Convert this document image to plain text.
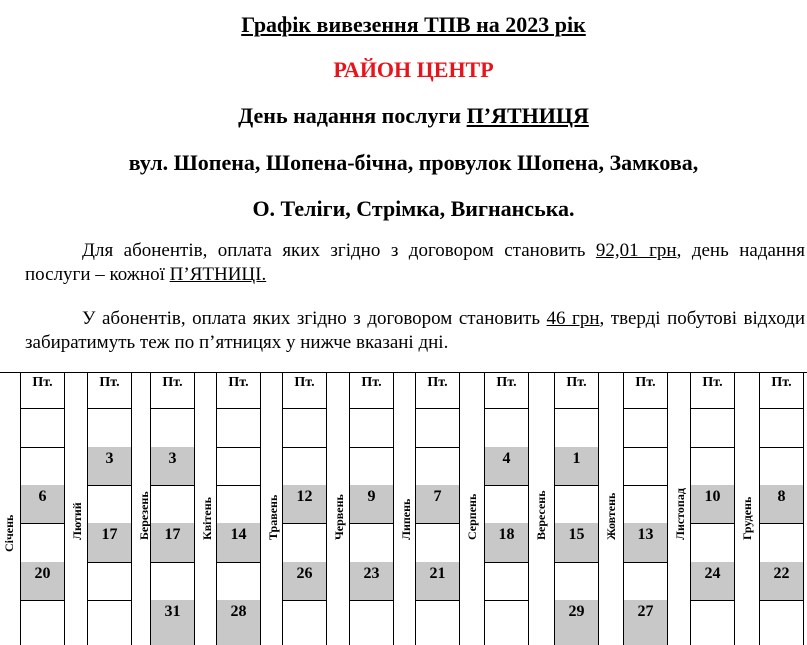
Графік вивезення ТПВ на 2023 рік
РАЙОН ЦЕНТР
День надання послуги П’ЯТНИЦЯ
вул. Шопена, Шопена-бічна, провулок Шопена, Замкова,
О. Теліги, Стрімка, Вигнанська.
Для абонентів, оплата яких згідно з договором становить 92,01 грн, день надання послуги – кожної П’ЯТНИЦІ.
У абонентів, оплата яких згідно з договором становить 46 грн, тверді побутові відходи забиратимуть теж по п’ятницях у нижче вказані дні.
Пт.
6
20
Січень
Пт.
3
17
Лютий
Пт.
3
17
31
Березень
Пт.
14
28
Квітень
Пт.
12
26
Травень
Пт.
9
23
Червень
Пт.
7
21
Липень
Пт.
4
18
Серпень
Пт.
1
15
29
Вересень
Пт.
13
27
Жовтень
Пт.
10
24
Листопад
Пт.
8
22
Грудень
